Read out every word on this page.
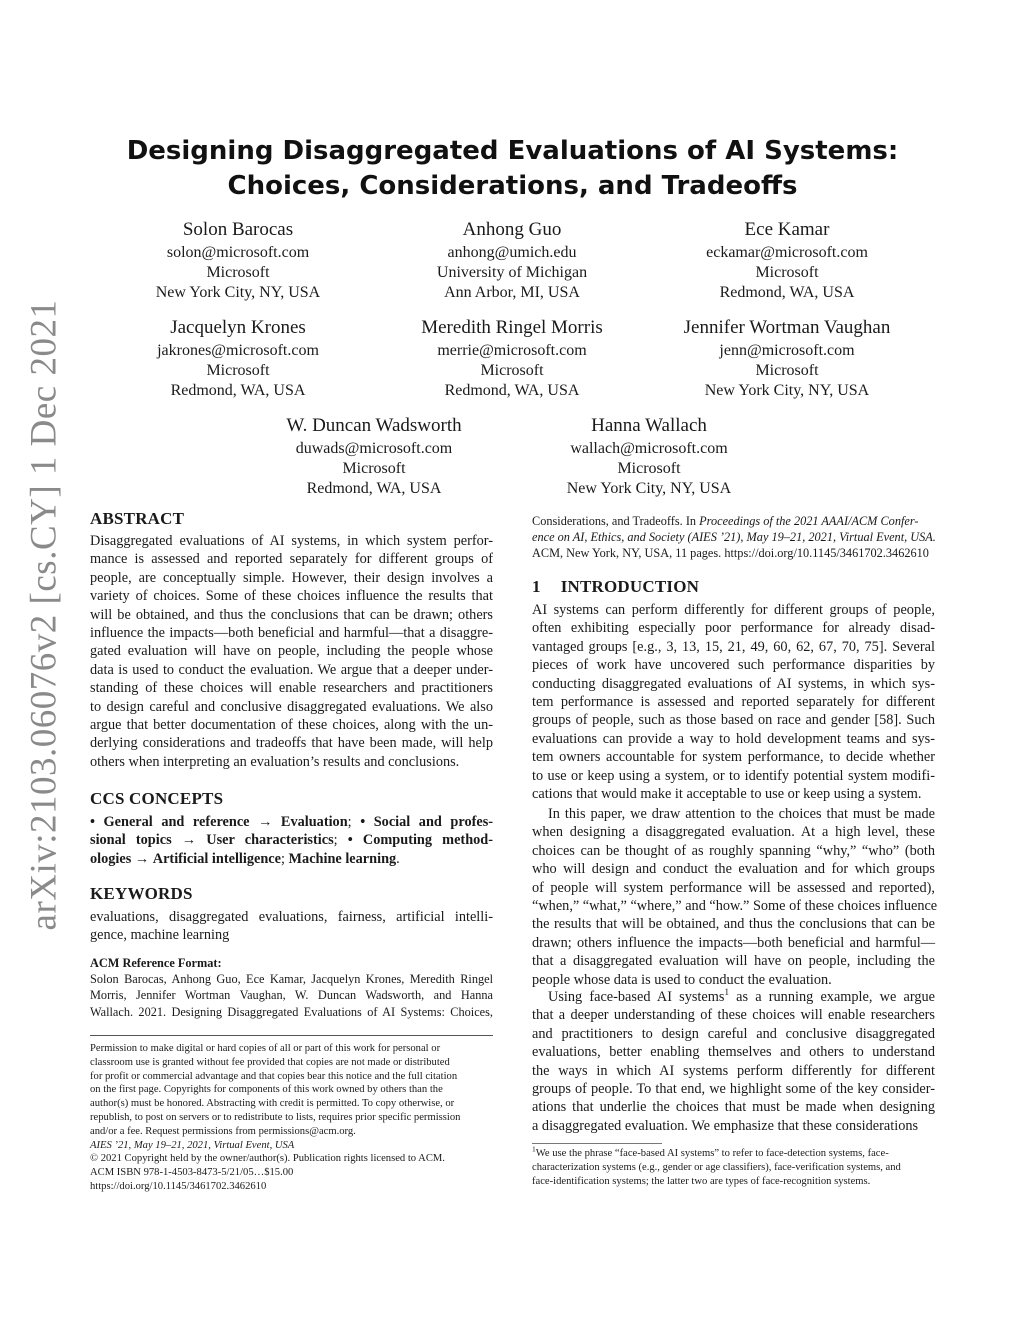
arXiv:2103.06076v2 [cs.CY] 1 Dec 2021
Designing Disaggregated Evaluations of AI Systems:
Choices, Considerations, and Tradeoffs
Solon Barocas
solon@microsoft.com
Microsoft
New York City, NY, USA
Anhong Guo
anhong@umich.edu
University of Michigan
Ann Arbor, MI, USA
Ece Kamar
eckamar@microsoft.com
Microsoft
Redmond, WA, USA
Jacquelyn Krones
jakrones@microsoft.com
Microsoft
Redmond, WA, USA
Meredith Ringel Morris
merrie@microsoft.com
Microsoft
Redmond, WA, USA
Jennifer Wortman Vaughan
jenn@microsoft.com
Microsoft
New York City, NY, USA
W. Duncan Wadsworth
duwads@microsoft.com
Microsoft
Redmond, WA, USA
Hanna Wallach
wallach@microsoft.com
Microsoft
New York City, NY, USA
ABSTRACT
Disaggregated evaluations of AI systems, in which system perfor-
mance is assessed and reported separately for different groups of
people, are conceptually simple. However, their design involves a
variety of choices. Some of these choices influence the results that
will be obtained, and thus the conclusions that can be drawn; others
influence the impacts—both beneficial and harmful—that a disaggre-
gated evaluation will have on people, including the people whose
data is used to conduct the evaluation. We argue that a deeper under-
standing of these choices will enable researchers and practitioners
to design careful and conclusive disaggregated evaluations. We also
argue that better documentation of these choices, along with the un-
derlying considerations and tradeoffs that have been made, will help
others when interpreting an evaluation’s results and conclusions.
CCS CONCEPTS
• General and reference → Evaluation; • Social and profes-
sional topics → User characteristics; • Computing method-
ologies → Artificial intelligence; Machine learning.
KEYWORDS
evaluations, disaggregated evaluations, fairness, artificial intelli-
gence, machine learning
ACM Reference Format:
Solon Barocas, Anhong Guo, Ece Kamar, Jacquelyn Krones, Meredith Ringel
Morris, Jennifer Wortman Vaughan, W. Duncan Wadsworth, and Hanna
Wallach. 2021. Designing Disaggregated Evaluations of AI Systems: Choices,
Permission to make digital or hard copies of all or part of this work for personal or
classroom use is granted without fee provided that copies are not made or distributed
for profit or commercial advantage and that copies bear this notice and the full citation
on the first page. Copyrights for components of this work owned by others than the
author(s) must be honored. Abstracting with credit is permitted. To copy otherwise, or
republish, to post on servers or to redistribute to lists, requires prior specific permission
and/or a fee. Request permissions from permissions@acm.org.
AIES ’21, May 19–21, 2021, Virtual Event, USA
© 2021 Copyright held by the owner/author(s). Publication rights licensed to ACM.
ACM ISBN 978-1-4503-8473-5/21/05…$15.00
https://doi.org/10.1145/3461702.3462610
Considerations, and Tradeoffs. In Proceedings of the 2021 AAAI/ACM Confer-
ence on AI, Ethics, and Society (AIES ’21), May 19–21, 2021, Virtual Event, USA.
ACM, New York, NY, USA, 11 pages. https://doi.org/10.1145/3461702.3462610
1 INTRODUCTION
AI systems can perform differently for different groups of people,
often exhibiting especially poor performance for already disad-
vantaged groups [e.g., 3, 13, 15, 21, 49, 60, 62, 67, 70, 75]. Several
pieces of work have uncovered such performance disparities by
conducting disaggregated evaluations of AI systems, in which sys-
tem performance is assessed and reported separately for different
groups of people, such as those based on race and gender [58]. Such
evaluations can provide a way to hold development teams and sys-
tem owners accountable for system performance, to decide whether
to use or keep using a system, or to identify potential system modifi-
cations that would make it acceptable to use or keep using a system.
In this paper, we draw attention to the choices that must be made
when designing a disaggregated evaluation. At a high level, these
choices can be thought of as roughly spanning “why,” “who” (both
who will design and conduct the evaluation and for which groups
of people will system performance will be assessed and reported),
“when,” “what,” “where,” and “how.” Some of these choices influence
the results that will be obtained, and thus the conclusions that can be
drawn; others influence the impacts—both beneficial and harmful—
that a disaggregated evaluation will have on people, including the
people whose data is used to conduct the evaluation.
Using face-based AI systems$^1$ as a running example, we argue
that a deeper understanding of these choices will enable researchers
and practitioners to design careful and conclusive disaggregated
evaluations, better enabling themselves and others to understand
the ways in which AI systems perform differently for different
groups of people. To that end, we highlight some of the key consider-
ations that underlie the choices that must be made when designing
a disaggregated evaluation. We emphasize that these considerations
$^1$We use the phrase “face-based AI systems” to refer to face-detection systems, face-
characterization systems (e.g., gender or age classifiers), face-verification systems, and
face-identification systems; the latter two are types of face-recognition systems.
